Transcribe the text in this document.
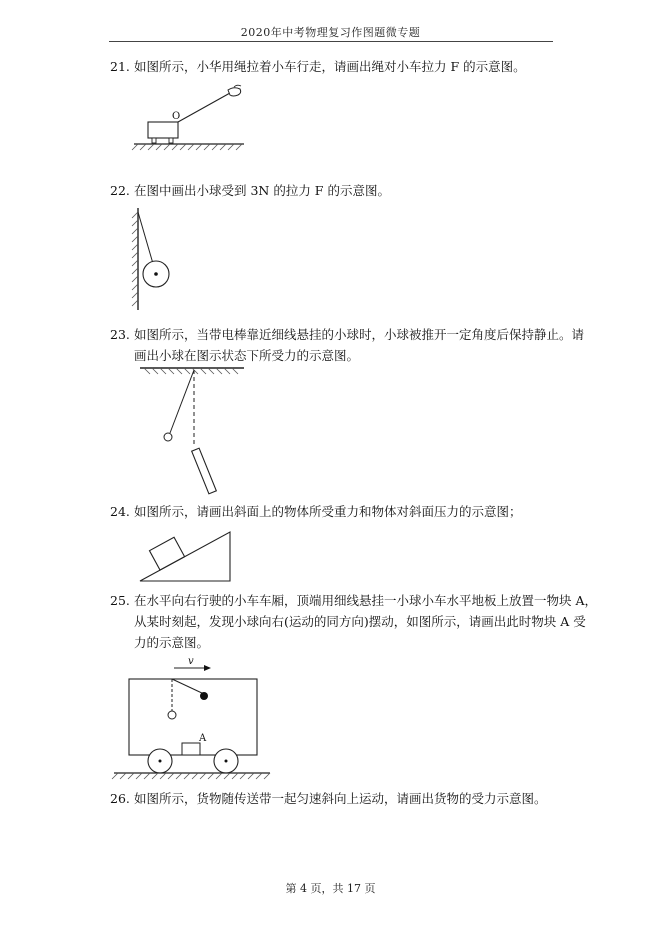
2020年中考物理复习作图题微专题
21. 如图所示，小华用绳拉着小车行走，请画出绳对小车拉力 F 的示意图。
O
22. 在图中画出小球受到 3N 的拉力 F 的示意图。
23. 如图所示，当带电棒靠近细线悬挂的小球时，小球被推开一定角度后保持静止。请
画出小球在图示状态下所受力的示意图。
24. 如图所示，请画出斜面上的物体所受重力和物体对斜面压力的示意图；
25. 在水平向右行驶的小车车厢，顶端用细线悬挂一小球小车水平地板上放置一物块 A，
从某时刻起，发现小球向右(运动的同方向)摆动，如图所示，请画出此时物块 A 受
力的示意图。
v
A
26. 如图所示，货物随传送带一起匀速斜向上运动，请画出货物的受力示意图。
第 4 页，共 17 页
